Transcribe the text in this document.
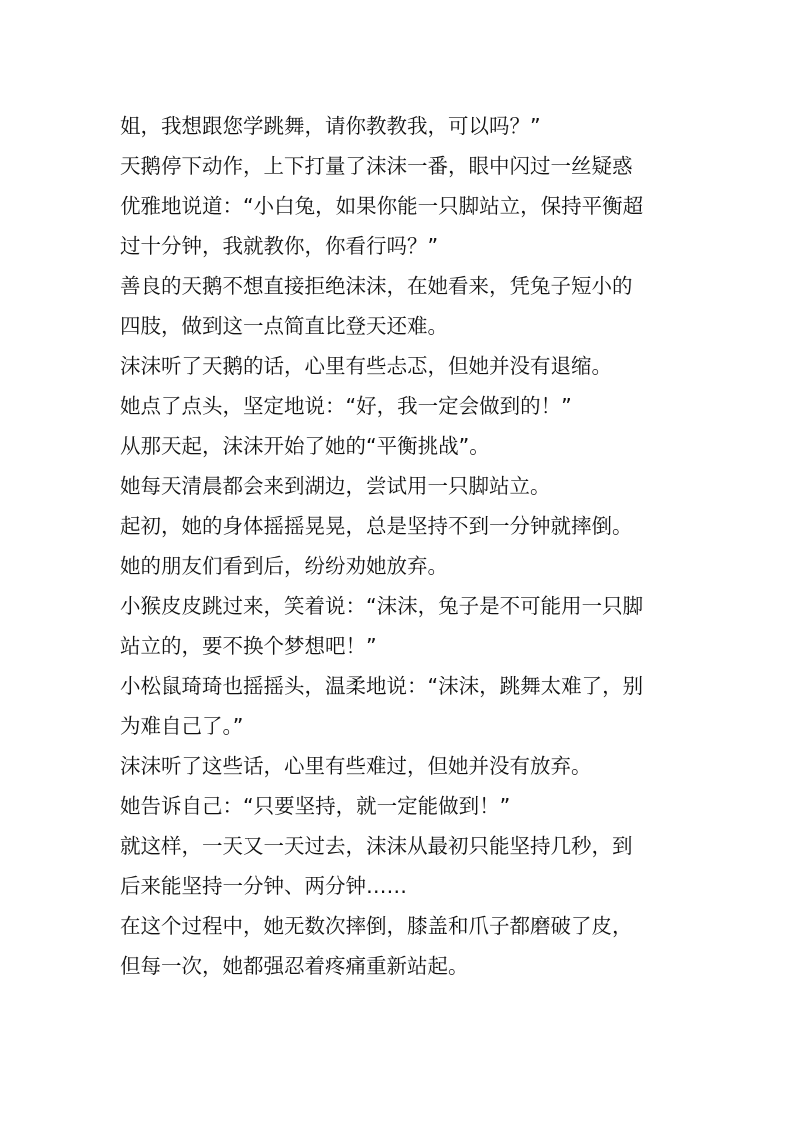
姐，我想跟您学跳舞，请你教教我，可以吗？”
天鹅停下动作，上下打量了沫沫一番，眼中闪过一丝疑惑
优雅地说道：“小白兔，如果你能一只脚站立，保持平衡超
过十分钟，我就教你，你看行吗？”
善良的天鹅不想直接拒绝沫沫，在她看来，凭兔子短小的
四肢，做到这一点简直比登天还难。
沫沫听了天鹅的话，心里有些忐忑，但她并没有退缩。
她点了点头，坚定地说：“好，我一定会做到的！”
从那天起，沫沫开始了她的“平衡挑战”。
她每天清晨都会来到湖边，尝试用一只脚站立。
起初，她的身体摇摇晃晃，总是坚持不到一分钟就摔倒。
她的朋友们看到后，纷纷劝她放弃。
小猴皮皮跳过来，笑着说：“沫沫，兔子是不可能用一只脚
站立的，要不换个梦想吧！”
小松鼠琦琦也摇摇头，温柔地说：“沫沫，跳舞太难了，别
为难自己了。”
沫沫听了这些话，心里有些难过，但她并没有放弃。
她告诉自己：“只要坚持，就一定能做到！”
就这样，一天又一天过去，沫沫从最初只能坚持几秒，到
后来能坚持一分钟、两分钟……
在这个过程中，她无数次摔倒，膝盖和爪子都磨破了皮，
但每一次，她都强忍着疼痛重新站起。
